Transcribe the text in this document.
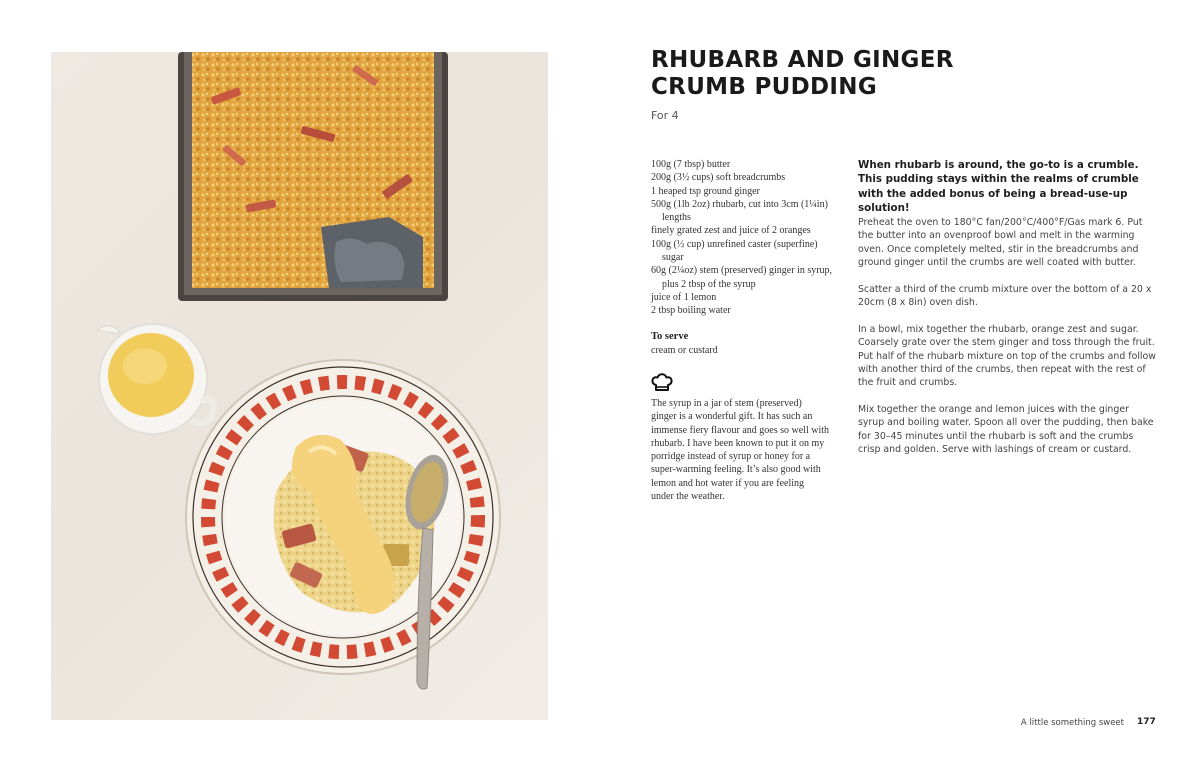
RHUBARB AND GINGER CRUMB PUDDING
For 4
100g (7 tbsp) butter
200g (3½ cups) soft breadcrumbs
1 heaped tsp ground ginger
500g (1lb 2oz) rhubarb, cut into 3cm (1¼in) lengths
finely grated zest and juice of 2 oranges
100g (½ cup) unrefined caster (superfine) sugar
60g (2¼oz) stem (preserved) ginger in syrup, plus 2 tbsp of the syrup
juice of 1 lemon
2 tbsp boiling water
To serve
cream or custard

The syrup in a jar of stem (preserved) ginger is a wonderful gift. It has such an immense fiery flavour and goes so well with rhubarb. I have been known to put it on my porridge instead of syrup or honey for a super-warming feeling. It’s also good with lemon and hot water if you are feeling under the weather.

When rhubarb is around, the go-to is a crumble. This pudding stays within the realms of crumble with the added bonus of being a bread-use-up solution!

Preheat the oven to 180°C fan/200°C/400°F/Gas mark 6. Put the butter into an ovenproof bowl and melt in the warming oven. Once completely melted, stir in the breadcrumbs and ground ginger until the crumbs are well coated with butter.

Scatter a third of the crumb mixture over the bottom of a 20 x 20cm (8 x 8in) oven dish.

In a bowl, mix together the rhubarb, orange zest and sugar. Coarsely grate over the stem ginger and toss through the fruit. Put half of the rhubarb mixture on top of the crumbs and follow with another third of the crumbs, then repeat with the rest of the fruit and crumbs.

Mix together the orange and lemon juices with the ginger syrup and boiling water. Spoon all over the pudding, then bake for 30–45 minutes until the rhubarb is soft and the crumbs crisp and golden. Serve with lashings of cream or custard.

A little something sweet 177
